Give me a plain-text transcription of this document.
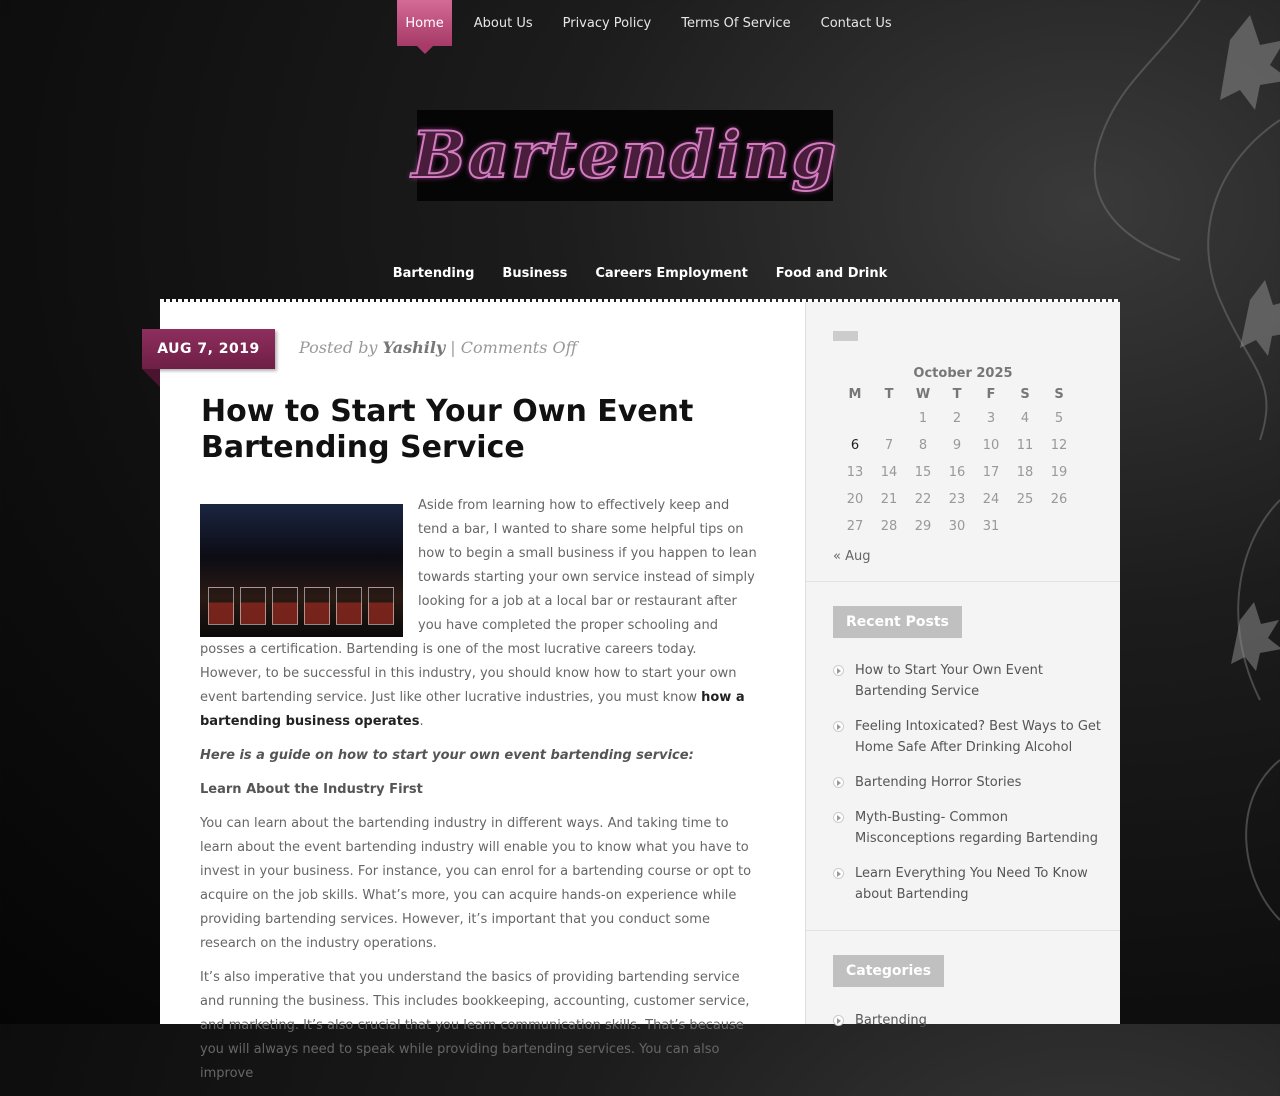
Home	About Us	Privacy Policy	Terms Of Service	Contact Us
Bartending
Bartending Business Careers Employment Food and Drink
AUG 7, 2019	Posted by Yashily | Comments Off
How to Start Your Own Event Bartending Service

Aside from learning how to effectively keep and tend a bar, I wanted to share some helpful tips on how to begin a small business if you happen to lean towards starting your own service instead of simply looking for a job at a local bar or restaurant after you have completed the proper schooling and posses a certification. Bartending is one of the most lucrative careers today. However, to be successful in this industry, you should know how to start your own event bartending service. Just like other lucrative industries, you must know how a bartending business operates.

Here is a guide on how to start your own event bartending service:

Learn About the Industry First

You can learn about the bartending industry in different ways. And taking time to learn about the event bartending industry will enable you to know what you have to invest in your business. For instance, you can enrol for a bartending course or opt to acquire on the job skills. What’s more, you can acquire hands-on experience while providing bartending services. However, it’s important that you conduct some research on the industry operations.

It’s also imperative that you understand the basics of providing bartending service and running the business. This includes bookkeeping, accounting, customer service, and marketing. It’s also crucial that you learn communication skills. That’s because you will always need to speak while providing bartending services. You can also improve

October 2025
M	T	W	T	F	S	S
		1	2	3	4	5
6	7	8	9	10	11	12
13	14	15	16	17	18	19
20	21	22	23	24	25	26
27	28	29	30	31		
« Aug
Recent Posts
How to Start Your Own Event Bartending Service
Feeling Intoxicated? Best Ways to Get Home Safe After Drinking Alcohol
Bartending Horror Stories
Myth-Busting- Common Misconceptions regarding Bartending
Learn Everything You Need To Know about Bartending
Categories
Bartending
